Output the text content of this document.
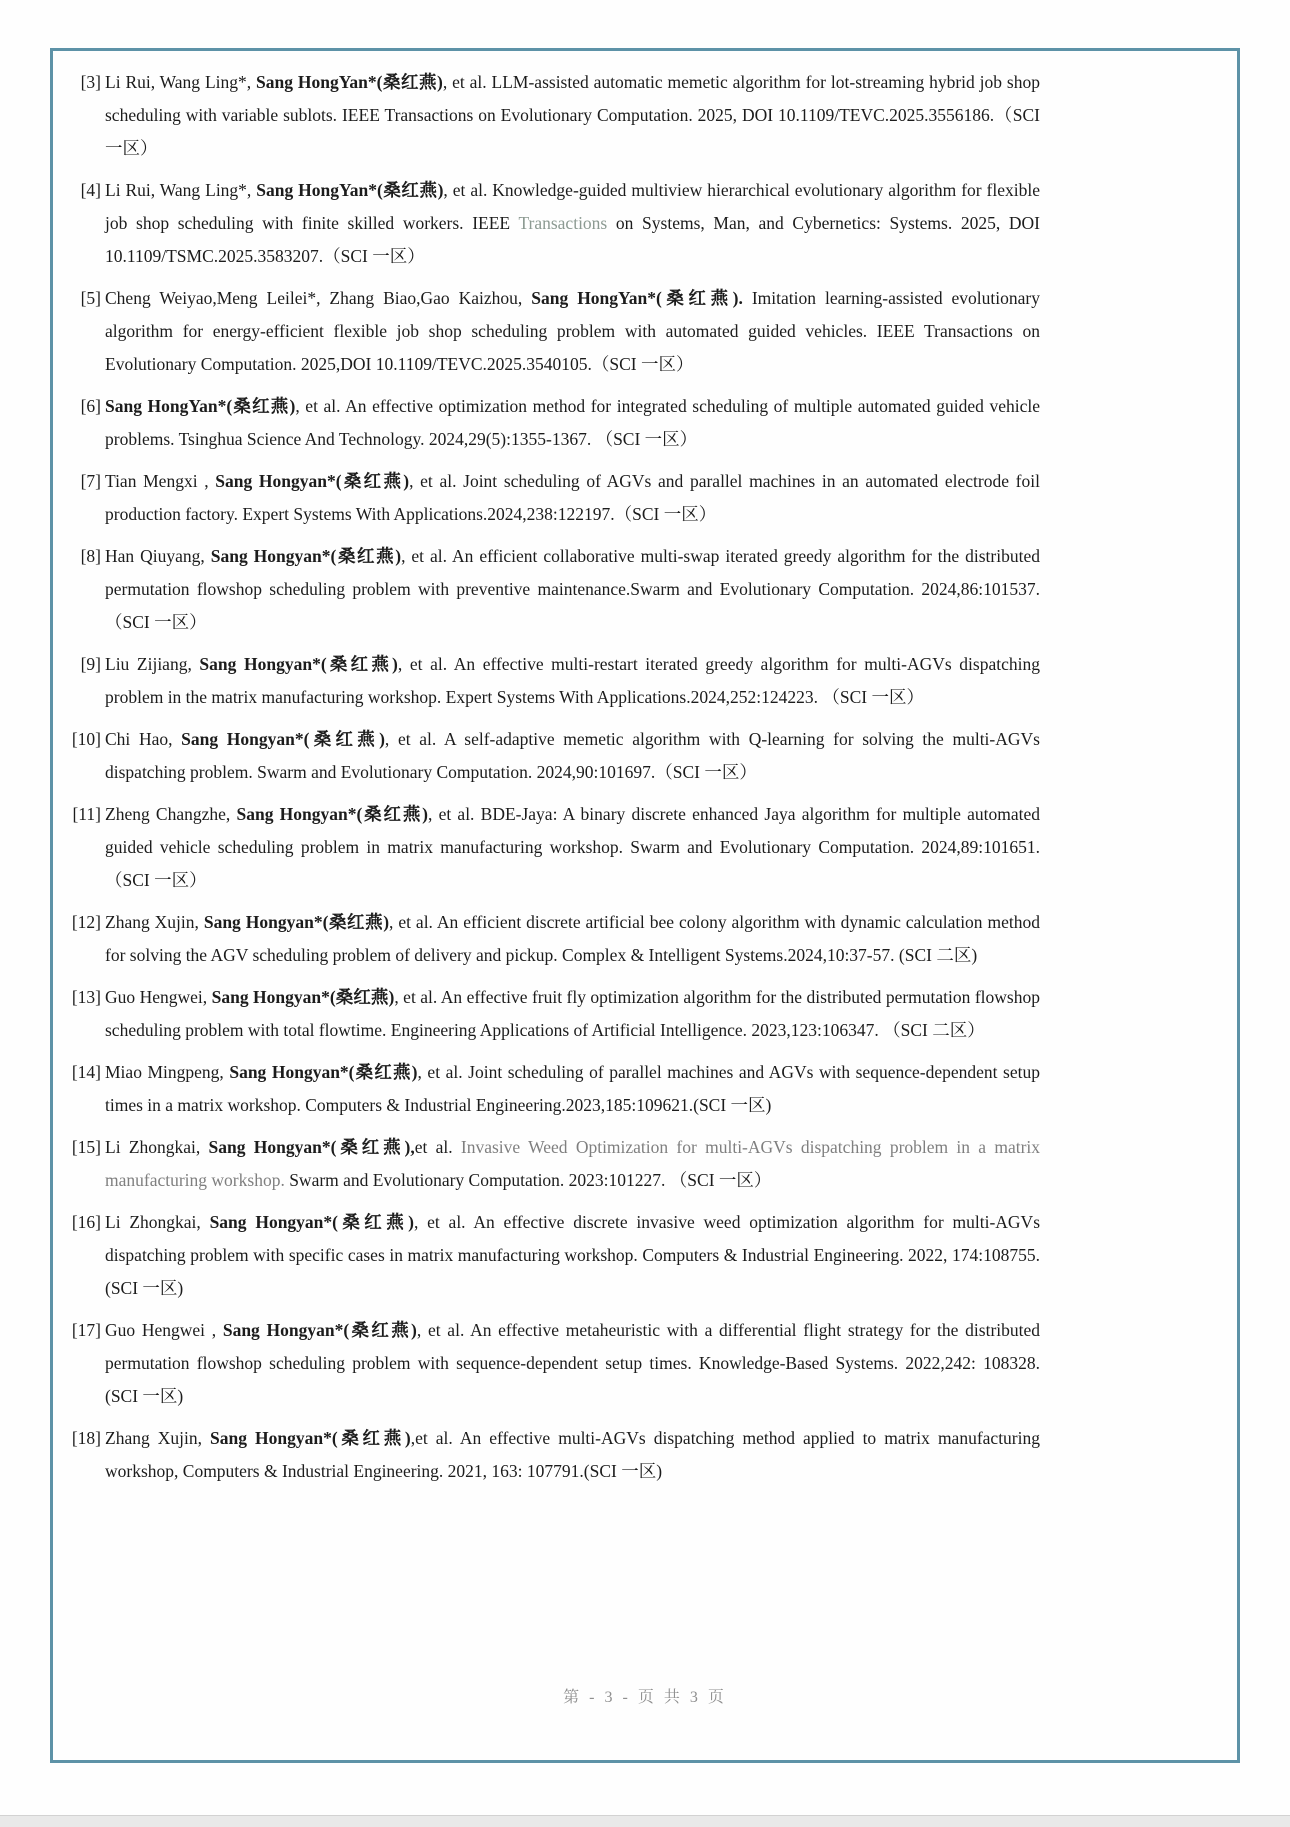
[3] Li Rui, Wang Ling*, Sang HongYan*(桑红燕), et al. LLM-assisted automatic memetic algorithm for lot-streaming hybrid job shop scheduling with variable sublots. IEEE Transactions on Evolutionary Computation. 2025, DOI 10.1109/TEVC.2025.3556186.（SCI 一区）
[4] Li Rui, Wang Ling*, Sang HongYan*(桑红燕), et al. Knowledge-guided multiview hierarchical evolutionary algorithm for flexible job shop scheduling with finite skilled workers. IEEE Transactions on Systems, Man, and Cybernetics: Systems. 2025, DOI 10.1109/TSMC.2025.3583207.（SCI 一区）
[5] Cheng Weiyao,Meng Leilei*, Zhang Biao,Gao Kaizhou, Sang HongYan*(桑红燕). Imitation learning-assisted evolutionary algorithm for energy-efficient flexible job shop scheduling problem with automated guided vehicles. IEEE Transactions on Evolutionary Computation. 2025,DOI 10.1109/TEVC.2025.3540105.（SCI 一区）
[6] Sang HongYan*(桑红燕), et al. An effective optimization method for integrated scheduling of multiple automated guided vehicle problems. Tsinghua Science And Technology. 2024,29(5):1355-1367. （SCI 一区）
[7] Tian Mengxi , Sang Hongyan*(桑红燕), et al. Joint scheduling of AGVs and parallel machines in an automated electrode foil production factory. Expert Systems With Applications.2024,238:122197.（SCI 一区）
[8] Han Qiuyang, Sang Hongyan*(桑红燕), et al. An efficient collaborative multi-swap iterated greedy algorithm for the distributed permutation flowshop scheduling problem with preventive maintenance.Swarm and Evolutionary Computation. 2024,86:101537.（SCI 一区）
[9] Liu Zijiang, Sang Hongyan*(桑红燕), et al. An effective multi-restart iterated greedy algorithm for multi-AGVs dispatching problem in the matrix manufacturing workshop. Expert Systems With Applications.2024,252:124223. （SCI 一区）
[10] Chi Hao, Sang Hongyan*(桑红燕), et al. A self-adaptive memetic algorithm with Q-learning for solving the multi-AGVs dispatching problem. Swarm and Evolutionary Computation. 2024,90:101697.（SCI 一区）
[11] Zheng Changzhe, Sang Hongyan*(桑红燕), et al. BDE-Jaya: A binary discrete enhanced Jaya algorithm for multiple automated guided vehicle scheduling problem in matrix manufacturing workshop. Swarm and Evolutionary Computation. 2024,89:101651.（SCI 一区）
[12] Zhang Xujin, Sang Hongyan*(桑红燕), et al. An efficient discrete artificial bee colony algorithm with dynamic calculation method for solving the AGV scheduling problem of delivery and pickup. Complex & Intelligent Systems.2024,10:37-57. (SCI 二区)
[13] Guo Hengwei, Sang Hongyan*(桑红燕), et al. An effective fruit fly optimization algorithm for the distributed permutation flowshop scheduling problem with total flowtime. Engineering Applications of Artificial Intelligence. 2023,123:106347. （SCI 二区）
[14] Miao Mingpeng, Sang Hongyan*(桑红燕), et al. Joint scheduling of parallel machines and AGVs with sequence-dependent setup times in a matrix workshop. Computers & Industrial Engineering.2023,185:109621.(SCI 一区)
[15] Li Zhongkai, Sang Hongyan*(桑红燕),et al. Invasive Weed Optimization for multi-AGVs dispatching problem in a matrix manufacturing workshop. Swarm and Evolutionary Computation. 2023:101227. （SCI 一区）
[16] Li Zhongkai, Sang Hongyan*(桑红燕), et al. An effective discrete invasive weed optimization algorithm for multi-AGVs dispatching problem with specific cases in matrix manufacturing workshop. Computers & Industrial Engineering. 2022, 174:108755.(SCI 一区)
[17] Guo Hengwei , Sang Hongyan*(桑红燕), et al. An effective metaheuristic with a differential flight strategy for the distributed permutation flowshop scheduling problem with sequence-dependent setup times. Knowledge-Based Systems. 2022,242: 108328. (SCI 一区)
[18] Zhang Xujin, Sang Hongyan*(桑红燕),et al. An effective multi-AGVs dispatching method applied to matrix manufacturing workshop, Computers & Industrial Engineering. 2021, 163: 107791.(SCI 一区)
第 - 3 - 页 共 3 页
